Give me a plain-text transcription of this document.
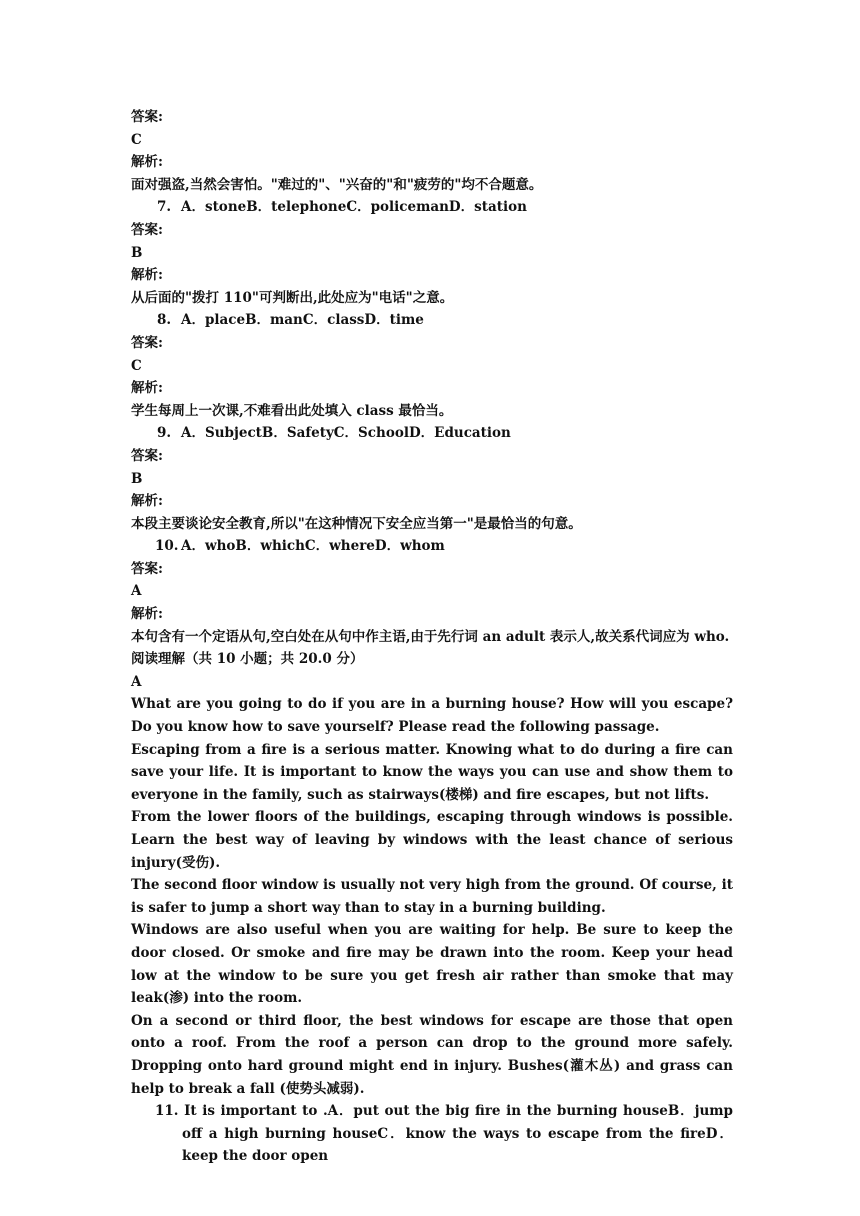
答案:
C
解析:
面对强盗,当然会害怕。"难过的"、"兴奋的"和"疲劳的"均不合题意。
7. A．stoneB．telephoneC．policemanD．station
答案:
B
解析:
从后面的"拨打 110"可判断出,此处应为"电话"之意。
8. A．placeB．manC．classD．time
答案:
C
解析:
学生每周上一次课,不难看出此处填入 class 最恰当。
9. A．SubjectB．SafetyC．SchoolD．Education
答案:
B
解析:
本段主要谈论安全教育,所以"在这种情况下安全应当第一"是最恰当的句意。
10. A．whoB．whichC．whereD．whom
答案:
A
解析:
本句含有一个定语从句,空白处在从句中作主语,由于先行词 an adult 表示人,故关系代词应为 who.
阅读理解（共 10 小题；共 20.0 分）
A
What are you going to do if you are in a burning house? How will you escape? Do you know how to save yourself? Please read the following passage.
Escaping from a fire is a serious matter. Knowing what to do during a fire can save your life. It is important to know the ways you can use and show them to everyone in the family, such as stairways(楼梯) and fire escapes, but not lifts.
From the lower floors of the buildings, escaping through windows is possible. Learn the best way of leaving by windows with the least chance of serious injury(受伤).
The second floor window is usually not very high from the ground. Of course, it is safer to jump a short way than to stay in a burning building.
Windows are also useful when you are waiting for help. Be sure to keep the door closed. Or smoke and fire may be drawn into the room. Keep your head low at the window to be sure you get fresh air rather than smoke that may leak(渗) into the room.
On a second or third floor, the best windows for escape are those that open onto a roof. From the roof a person can drop to the ground more safely. Dropping onto hard ground might end in injury. Bushes(灌木丛) and grass can help to break a fall (使势头减弱).
11. It is important to .A．put out the big fire in the burning houseB．jump off a high burning houseC．know the ways to escape from the fireD．keep the door open
